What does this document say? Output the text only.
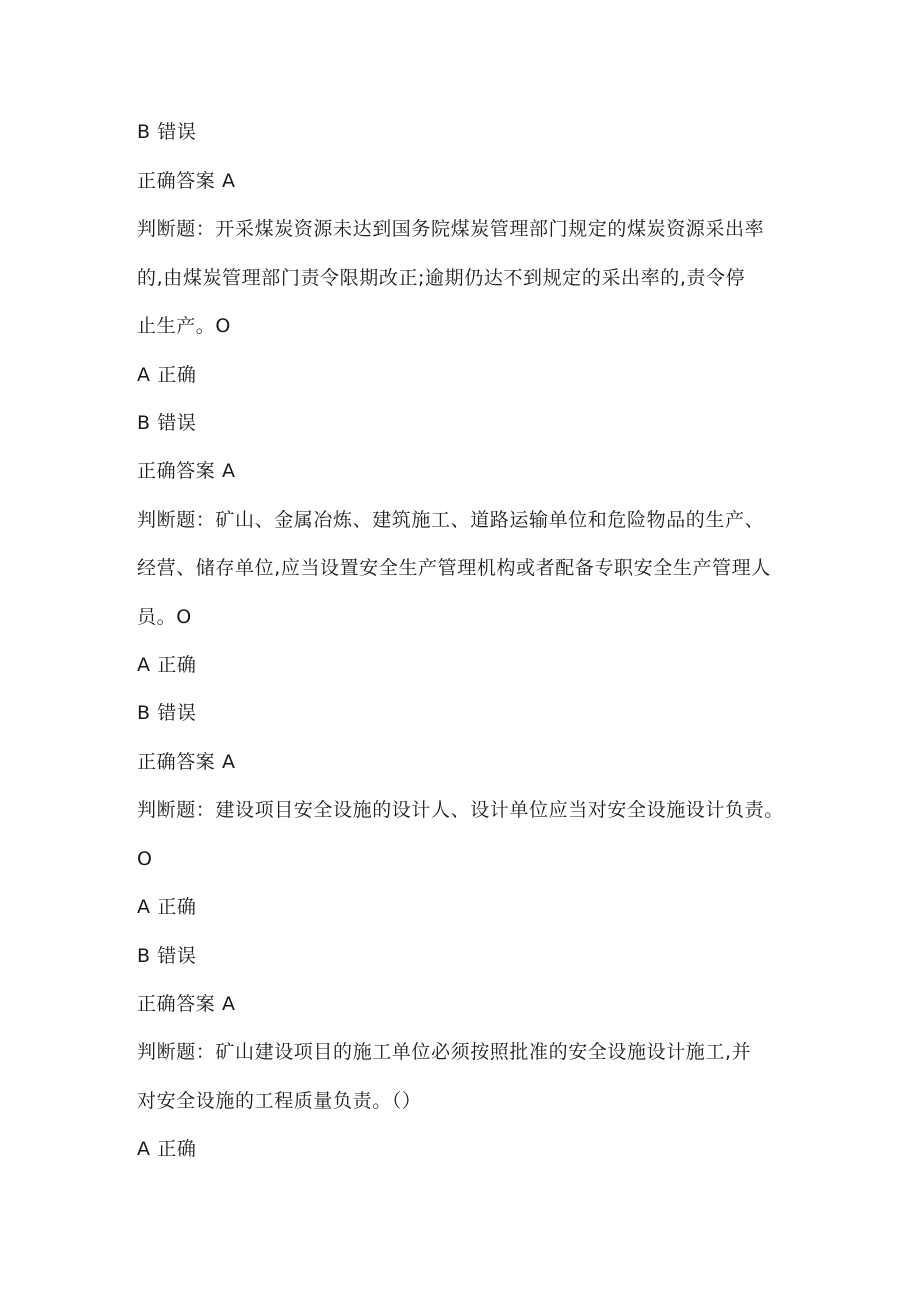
B 错误
正确答案 A
判断题：开采煤炭资源未达到国务院煤炭管理部门规定的煤炭资源采出率
的,由煤炭管理部门责令限期改正;逾期仍达不到规定的采出率的,责令停
止生产。O
A 正确
B 错误
正确答案 A
判断题：矿山、金属冶炼、建筑施工、道路运输单位和危险物品的生产、
经营、储存单位,应当设置安全生产管理机构或者配备专职安全生产管理人
员。O
A 正确
B 错误
正确答案 A
判断题：建设项目安全设施的设计人、设计单位应当对安全设施设计负责。
O
A 正确
B 错误
正确答案 A
判断题：矿山建设项目的施工单位必须按照批准的安全设施设计施工,并
对安全设施的工程质量负责。（）
A 正确
